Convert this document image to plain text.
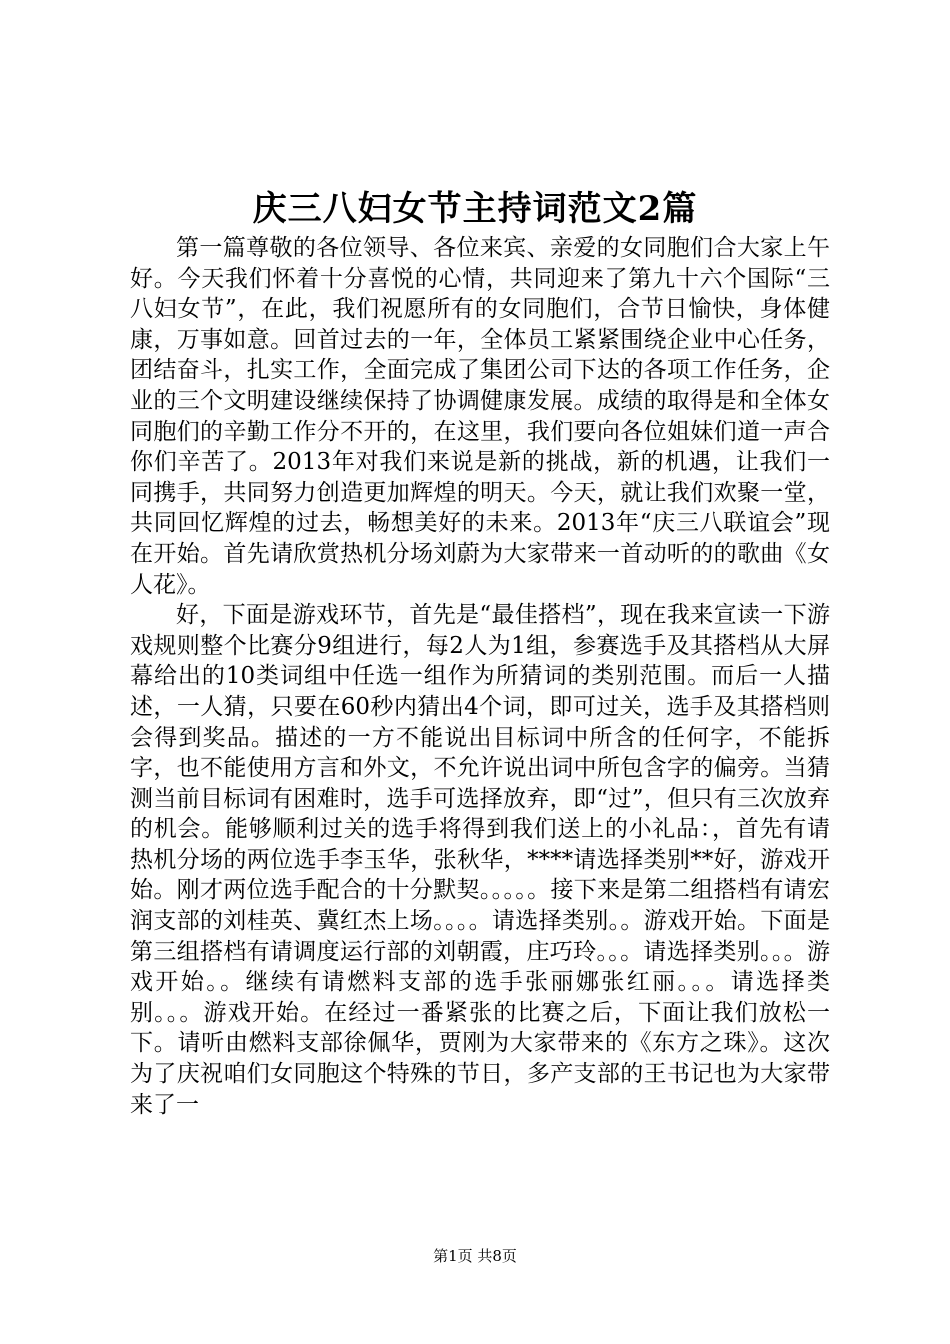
庆三八妇女节主持词范文2篇

第一篇尊敬的各位领导、各位来宾、亲爱的女同胞们合大家上午好。今天我们怀着十分喜悦的心情，共同迎来了第九十六个国际“三八妇女节”，在此，我们祝愿所有的女同胞们，合节日愉快，身体健康，万事如意。回首过去的一年，全体员工紧紧围绕企业中心任务，团结奋斗，扎实工作，全面完成了集团公司下达的各项工作任务，企业的三个文明建设继续保持了协调健康发展。成绩的取得是和全体女同胞们的辛勤工作分不开的，在这里，我们要向各位姐妹们道一声合你们辛苦了。2013年对我们来说是新的挑战，新的机遇，让我们一同携手，共同努力创造更加辉煌的明天。今天，就让我们欢聚一堂，共同回忆辉煌的过去，畅想美好的未来。2013年“庆三八联谊会”现在开始。首先请欣赏热机分场刘蔚为大家带来一首动听的的歌曲《女人花》。

好，下面是游戏环节，首先是“最佳搭档”，现在我来宣读一下游戏规则整个比赛分9组进行，每2人为1组，参赛选手及其搭档从大屏幕给出的10类词组中任选一组作为所猜词的类别范围。而后一人描述，一人猜，只要在60秒内猜出4个词，即可过关，选手及其搭档则会得到奖品。描述的一方不能说出目标词中所含的任何字，不能拆字，也不能使用方言和外文，不允许说出词中所包含字的偏旁。当猜测当前目标词有困难时，选手可选择放弃，即“过”，但只有三次放弃的机会。能够顺利过关的选手将得到我们送上的小礼品：，首先有请热机分场的两位选手李玉华，张秋华，****请选择类别**好，游戏开始。刚才两位选手配合的十分默契。。。。。接下来是第二组搭档有请宏润支部的刘桂英、冀红杰上场。。。。请选择类别。。游戏开始。下面是第三组搭档有请调度运行部的刘朝霞，庄巧玲。。。请选择类别。。。游戏开始。。继续有请燃料支部的选手张丽娜张红丽。。。请选择类别。。。游戏开始。在经过一番紧张的比赛之后，下面让我们放松一下。请听由燃料支部徐佩华，贾刚为大家带来的《东方之珠》。这次为了庆祝咱们女同胞这个特殊的节日，多产支部的王书记也为大家带来了一

第1页 共8页
